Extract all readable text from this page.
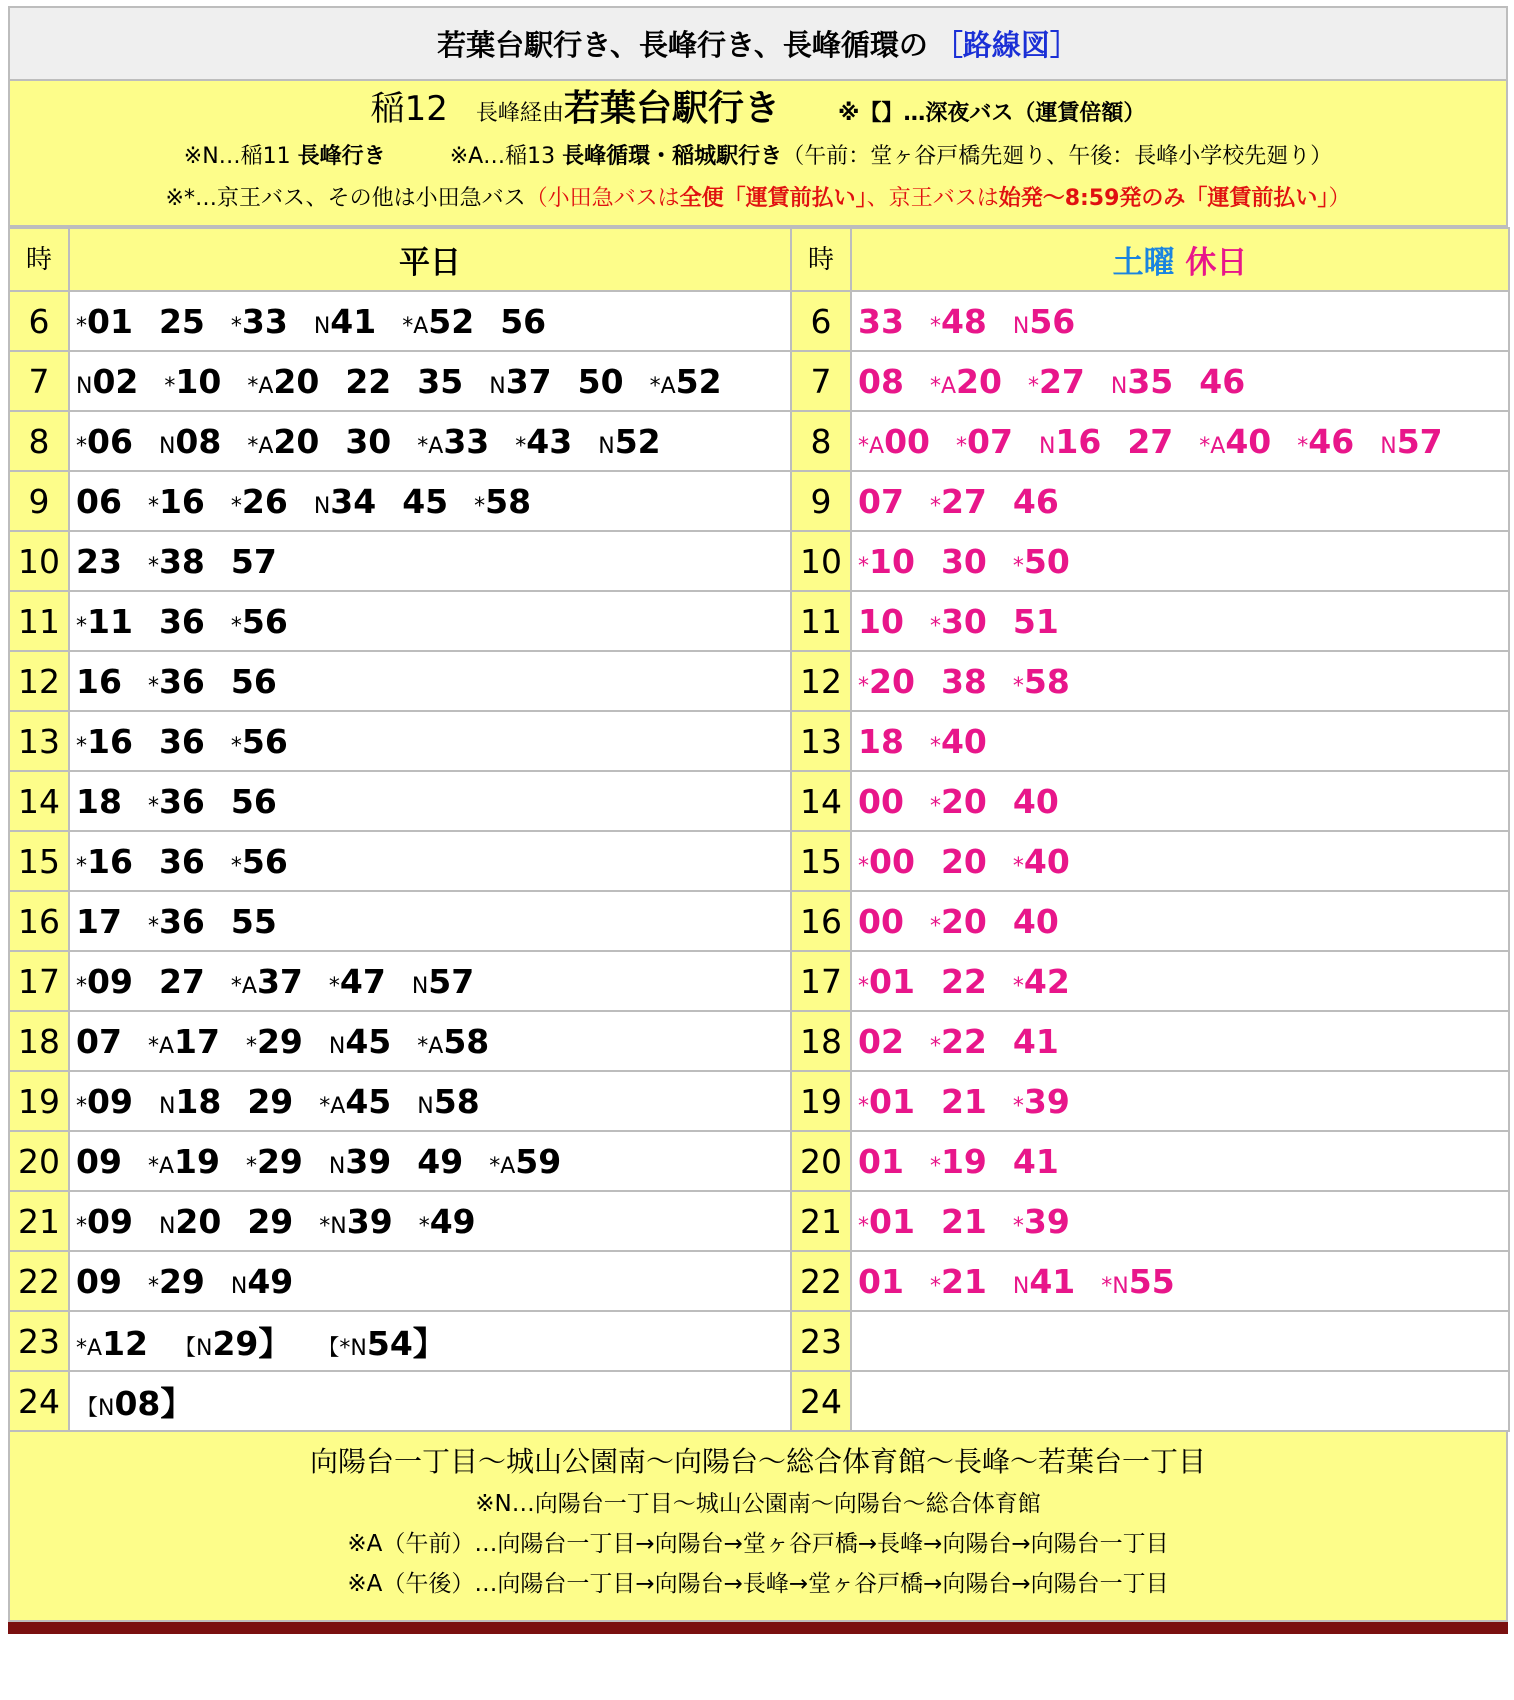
若葉台駅行き、長峰行き、長峰循環の ［路線図］
稲12 長峰経由若葉台駅行き	※【】…深夜バス（運賃倍額）
※N…稲11 長峰行き	※A…稲13 長峰循環・稲城駅行き（午前：堂ヶ谷戸橋先廻り、午後：長峰小学校先廻り）
※*…京王バス、その他は小田急バス（小田急バスは全便「運賃前払い」、京王バスは始発〜8:59発のみ「運賃前払い」）
時	平日	時	土曜 休日
6	*01 25 *33 N41 *A52 56	6	33 *48 N56
7	N02 *10 *A20 22 35 N37 50 *A52	7	08 *A20 *27 N35 46
8	*06 N08 *A20 30 *A33 *43 N52	8	*A00 *07 N16 27 *A40 *46 N57
9	06 *16 *26 N34 45 *58	9	07 *27 46
10	23 *38 57	10	*10 30 *50
11	*11 36 *56	11	10 *30 51
12	16 *36 56	12	*20 38 *58
13	*16 36 *56	13	18 *40
14	18 *36 56	14	00 *20 40
15	*16 36 *56	15	*00 20 *40
16	17 *36 55	16	00 *20 40
17	*09 27 *A37 *47 N57	17	*01 22 *42
18	07 *A17 *29 N45 *A58	18	02 *22 41
19	*09 N18 29 *A45 N58	19	*01 21 *39
20	09 *A19 *29 N39 49 *A59	20	01 *19 41
21	*09 N20 29 *N39 *49	21	*01 21 *39
22	09 *29 N49	22	01 *21 N41 *N55
23	*A12 【N29】 【*N54】	23	
24	【N08】	24	
向陽台一丁目〜城山公園南〜向陽台〜総合体育館〜長峰〜若葉台一丁目
※N…向陽台一丁目〜城山公園南〜向陽台〜総合体育館
※A（午前）…向陽台一丁目→向陽台→堂ヶ谷戸橋→長峰→向陽台→向陽台一丁目
※A（午後）…向陽台一丁目→向陽台→長峰→堂ヶ谷戸橋→向陽台→向陽台一丁目
